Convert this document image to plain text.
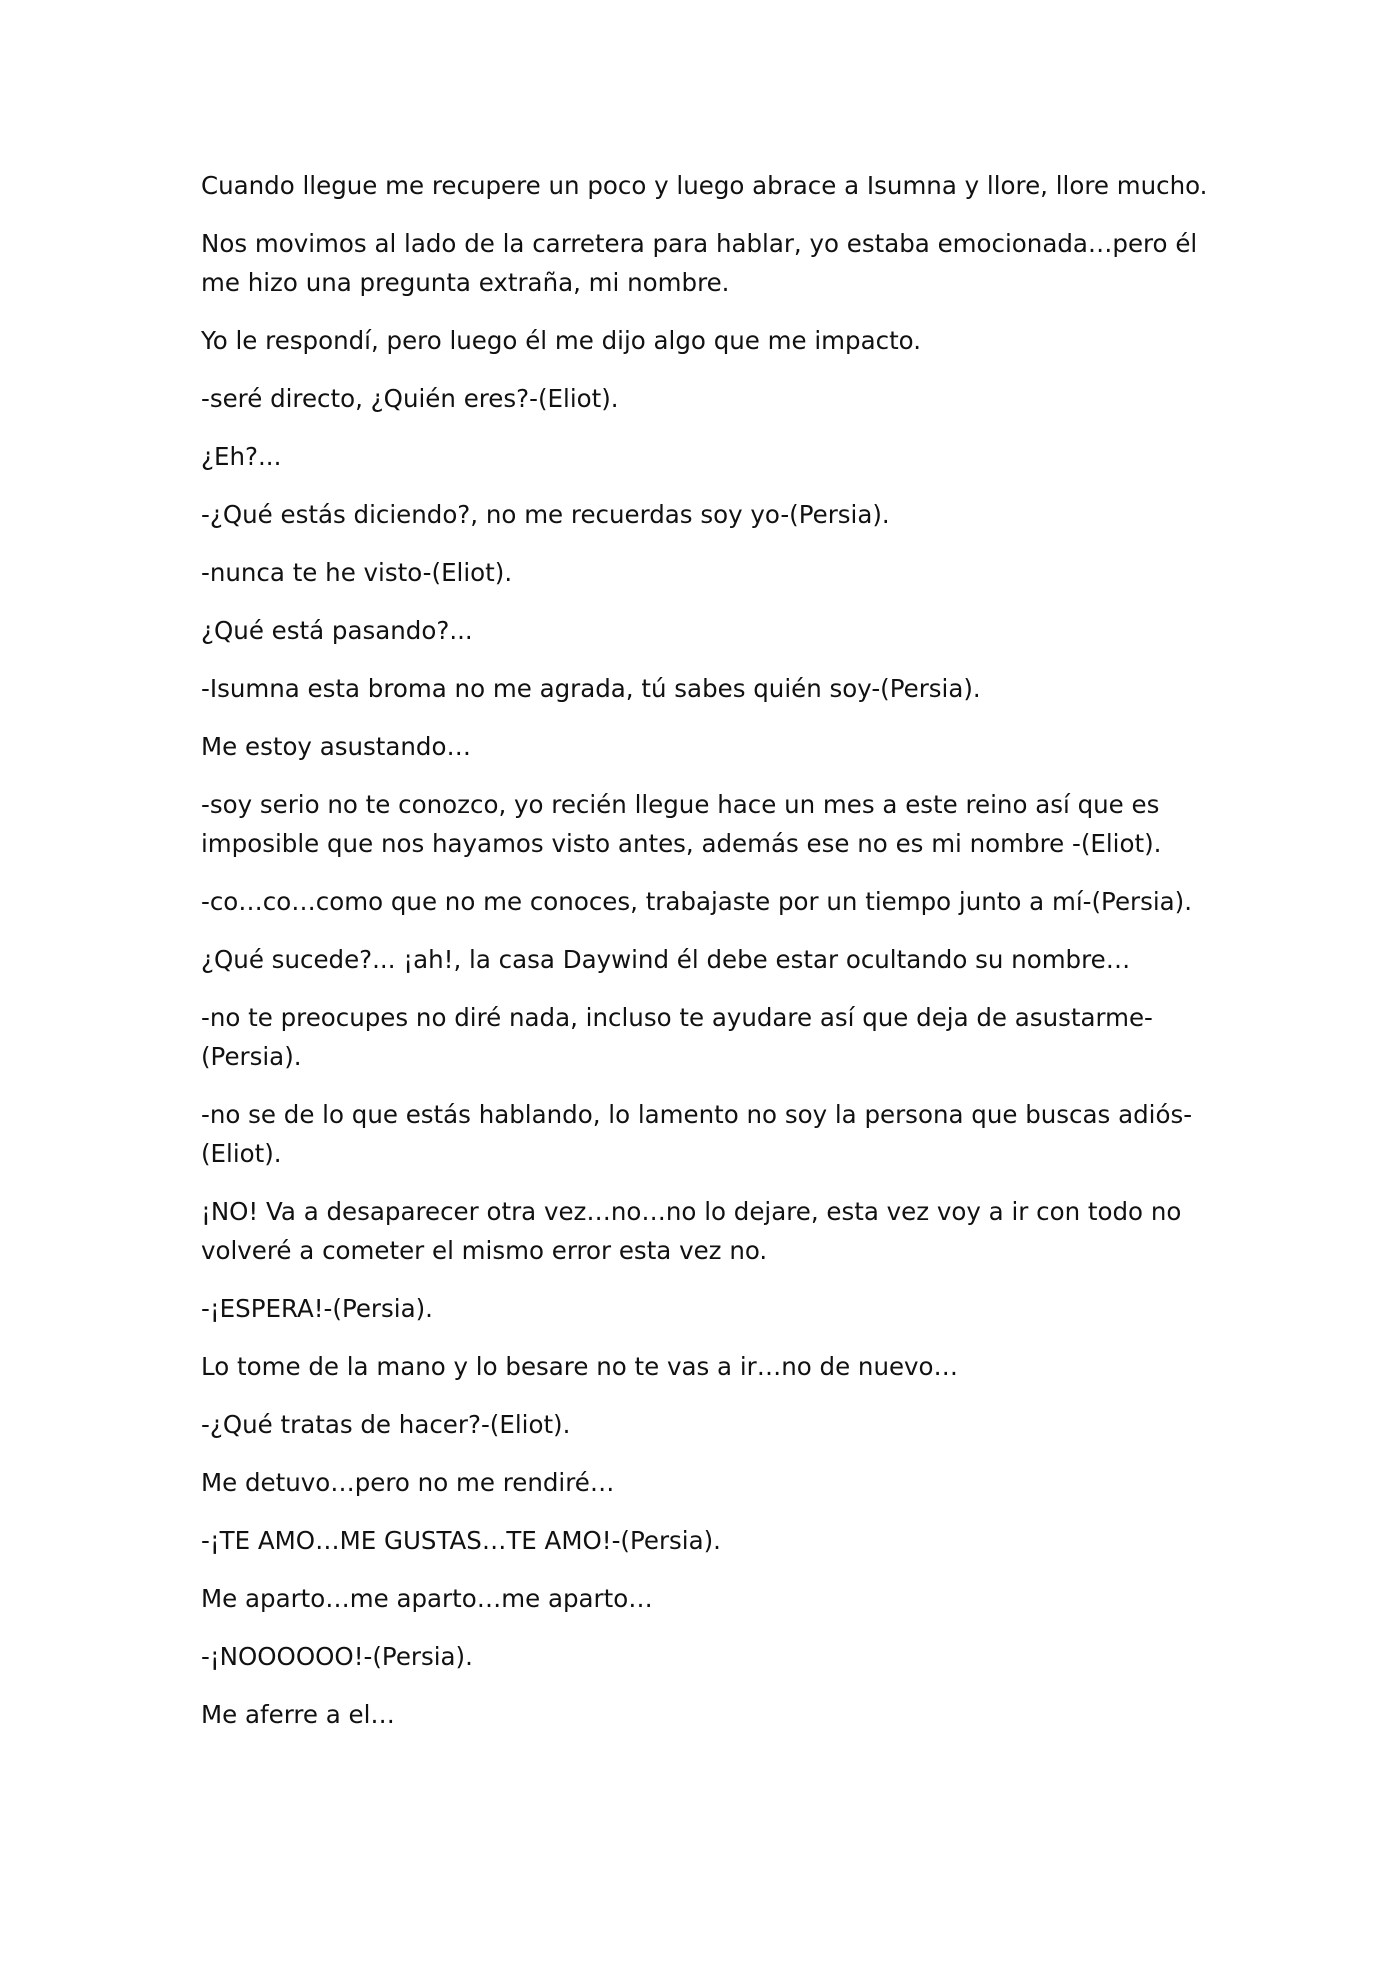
Cuando llegue me recupere un poco y luego abrace a Isumna y llore, llore mucho.

Nos movimos al lado de la carretera para hablar, yo estaba emocionada…pero él me hizo una pregunta extraña, mi nombre.

Yo le respondí, pero luego él me dijo algo que me impacto.

-seré directo, ¿Quién eres?-(Eliot).

¿Eh?...

-¿Qué estás diciendo?, no me recuerdas soy yo-(Persia).

-nunca te he visto-(Eliot).

¿Qué está pasando?...

-Isumna esta broma no me agrada, tú sabes quién soy-(Persia).

Me estoy asustando…

-soy serio no te conozco, yo recién llegue hace un mes a este reino así que es imposible que nos hayamos visto antes, además ese no es mi nombre -(Eliot).

-co…co…como que no me conoces, trabajaste por un tiempo junto a mí-(Persia).

¿Qué sucede?... ¡ah!, la casa Daywind él debe estar ocultando su nombre…

-no te preocupes no diré nada, incluso te ayudare así que deja de asustarme-(Persia).

-no se de lo que estás hablando, lo lamento no soy la persona que buscas adiós-(Eliot).

¡NO! Va a desaparecer otra vez…no…no lo dejare, esta vez voy a ir con todo no volveré a cometer el mismo error esta vez no.

-¡ESPERA!-(Persia).

Lo tome de la mano y lo besare no te vas a ir…no de nuevo…

-¿Qué tratas de hacer?-(Eliot).

Me detuvo…pero no me rendiré…

-¡TE AMO…ME GUSTAS…TE AMO!-(Persia).

Me aparto…me aparto…me aparto…

-¡NOOOOOO!-(Persia).

Me aferre a el…
